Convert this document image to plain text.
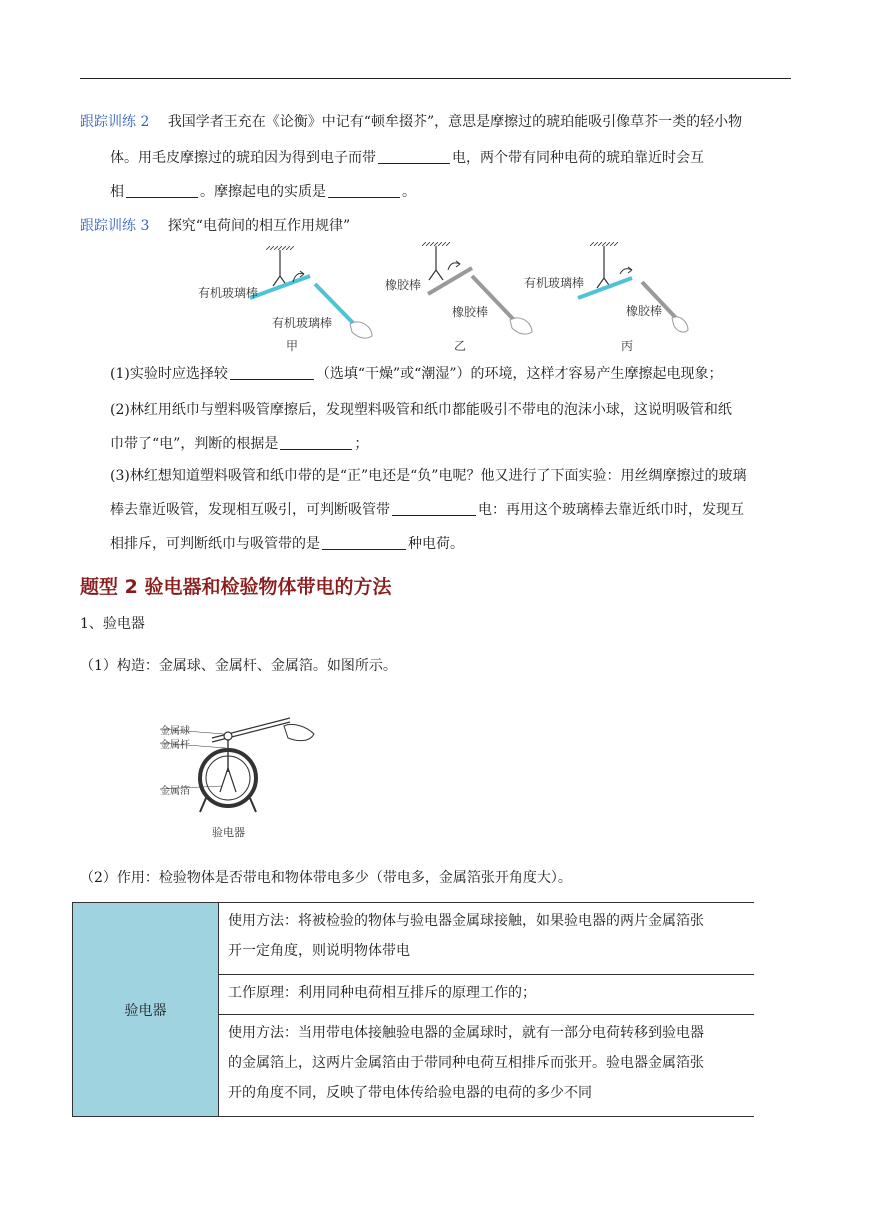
跟踪训练 2 我国学者王充在《论衡》中记有“顿牟掇芥”，意思是摩擦过的琥珀能吸引像草芥一类的轻小物
体。用毛皮摩擦过的琥珀因为得到电子而带	电，两个带有同种电荷的琥珀靠近时会互
相	。摩擦起电的实质是	。
跟踪训练 3 探究“电荷间的相互作用规律”
有机玻璃棒
有机玻璃棒
甲
橡胶棒
橡胶棒
乙
有机玻璃棒
橡胶棒
丙
(1)实验时应选择较	（选填“干燥”或“潮湿”）的环境，这样才容易产生摩擦起电现象；
(2)林红用纸巾与塑料吸管摩擦后，发现塑料吸管和纸巾都能吸引不带电的泡沫小球，这说明吸管和纸
巾带了“电”，判断的根据是	；
(3)林红想知道塑料吸管和纸巾带的是“正”电还是“负”电呢？他又进行了下面实验：用丝绸摩擦过的玻璃
棒去靠近吸管，发现相互吸引，可判断吸管带	电：再用这个玻璃棒去靠近纸巾时，发现互
相排斥，可判断纸巾与吸管带的是	种电荷。
题型 2 验电器和检验物体带电的方法
1、验电器
（1）构造：金属球、金属杆、金属箔。如图所示。
金属球
金属杆
金属箔
验电器
（2）作用：检验物体是否带电和物体带电多少（带电多，金属箔张开角度大）。
验电器	
使用方法：将被检验的物体与验电器金属球接触，如果验电器的两片金属箔张
开一定角度，则说明物体带电

工作原理：利用同种电荷相互排斥的原理工作的；

使用方法：当用带电体接触验电器的金属球时，就有一部分电荷转移到验电器
的金属箔上，这两片金属箔由于带同种电荷互相排斥而张开。验电器金属箔张
开的角度不同，反映了带电体传给验电器的电荷的多少不同
